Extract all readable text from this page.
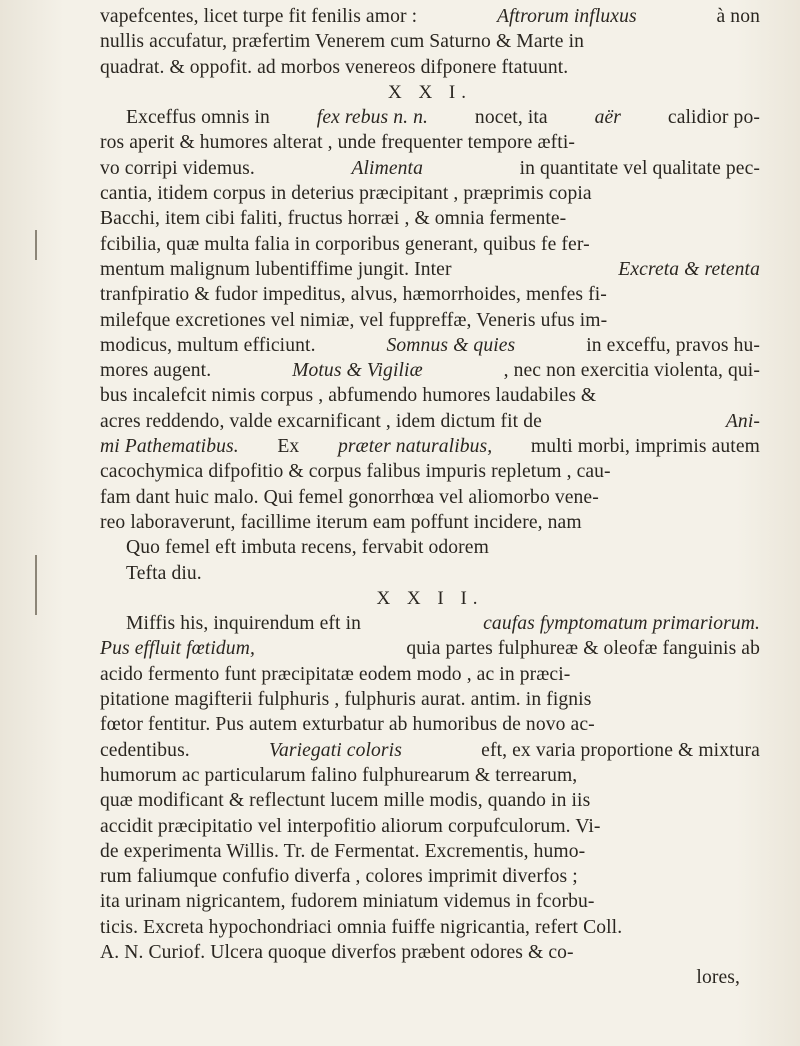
vapefcentes, licet turpe fit fenilis amor :	Aftrorum influxus	à non
nullis accufatur, præfertim Venerem cum Saturno & Marte in
quadrat. & oppofit. ad morbos venereos difponere ftatuunt.
X X I.
Exceffus omnis in fex rebus n. n. nocet, ita aër calidior po-
ros aperit & humores alterat , unde frequenter tempore æfti-
vo corripi videmus.	Alimenta	in quantitate vel qualitate pec-
cantia, itidem corpus in deterius præcipitant , præprimis copia
Bacchi, item cibi faliti, fructus horræi , & omnia fermente-
fcibilia, quæ multa falia in corporibus generant, quibus fe fer-
mentum malignum lubentiffime jungit. Inter	Excreta & retenta
tranfpiratio & fudor impeditus, alvus, hæmorrhoides, menfes fi-
milefque excretiones vel nimiæ, vel fuppreffæ, Veneris ufus im-
modicus, multum efficiunt.	Somnus & quies	in exceffu, pravos hu-
mores augent.	Motus & Vigiliæ	, nec non exercitia violenta, qui-
bus incalefcit nimis corpus , abfumendo humores laudabiles &
acres reddendo, valde excarnificant , idem dictum fit de	Ani-
mi Pathematibus. Ex præter naturalibus, multi morbi, imprimis autem
cacochymica difpofitio & corpus falibus impuris repletum , cau-
fam dant huic malo. Qui femel gonorrhœa vel aliomorbo vene-
reo laboraverunt, facillime iterum eam poffunt incidere, nam
Quo femel eft imbuta recens, fervabit odorem
Tefta diu.
X X I I.
Miffis his, inquirendum eft in	caufas fymptomatum primariorum.
Pus effluit fœtidum,	quia partes fulphureæ & oleofæ fanguinis ab
acido fermento funt præcipitatæ eodem modo , ac in præci-
pitatione magifterii fulphuris , fulphuris aurat. antim. in fignis
fœtor fentitur. Pus autem exturbatur ab humoribus de novo ac-
cedentibus.	Variegati coloris	eft, ex varia proportione & mixtura
humorum ac particularum falino fulphurearum & terrearum,
quæ modificant & reflectunt lucem mille modis, quando in iis
accidit præcipitatio vel interpofitio aliorum corpufculorum. Vi-
de experimenta Willis. Tr. de Fermentat. Excrementis, humo-
rum faliumque confufio diverfa , colores imprimit diverfos ;
ita urinam nigricantem, fudorem miniatum videmus in fcorbu-
ticis. Excreta hypochondriaci omnia fuiffe nigricantia, refert Coll.
A. N. Curiof. Ulcera quoque diverfos præbent odores & co-
lores,
